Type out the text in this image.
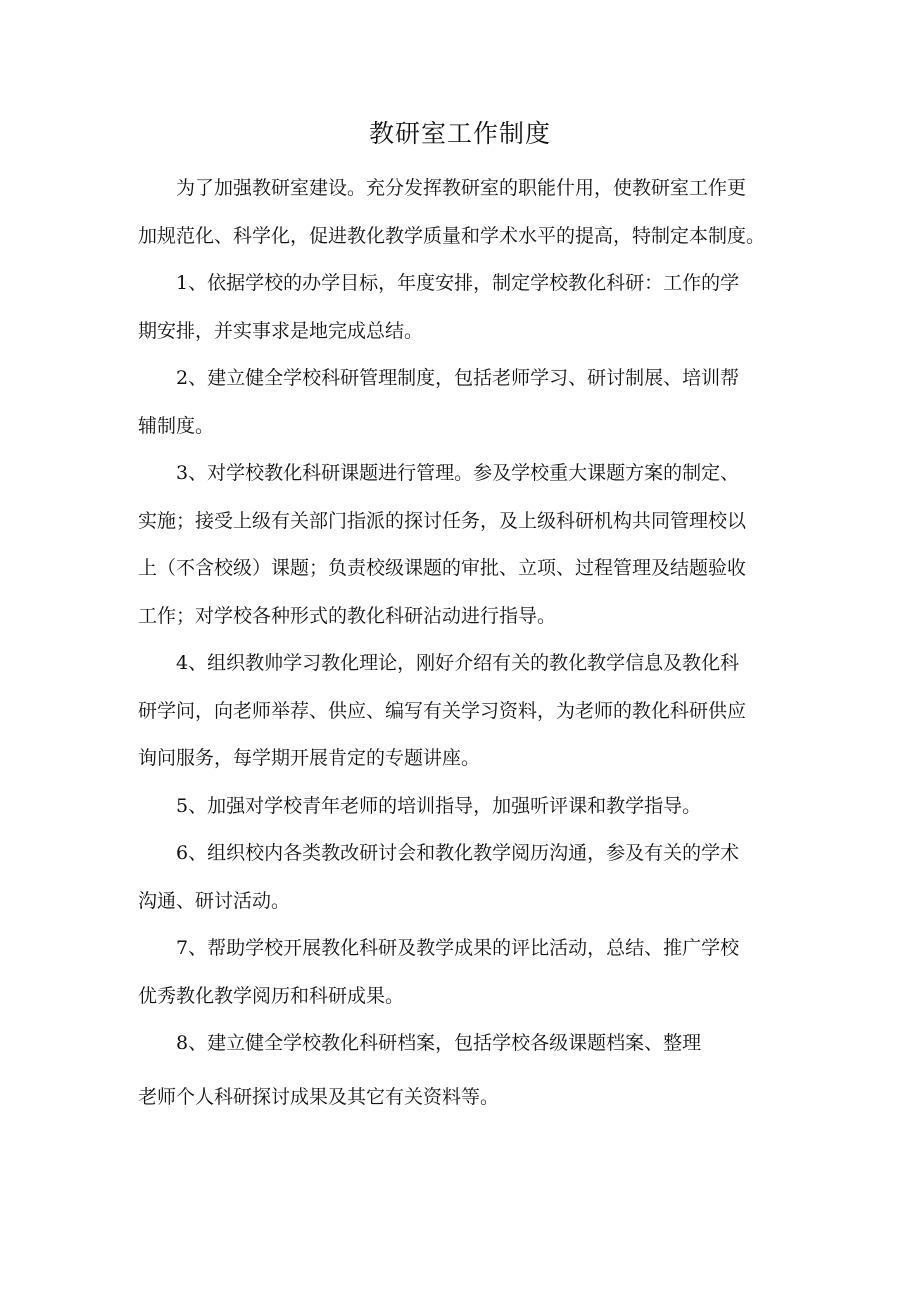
教研室工作制度

为了加强教研室建设。充分发挥教研室的职能什用，使教研室工作更
加规范化、科学化，促进教化教学质量和学术水平的提高，特制定本制度。

1、依据学校的办学目标，年度安排，制定学校教化科研：工作的学
期安排，并实事求是地完成总结。

2、建立健全学校科研管理制度，包括老师学习、研讨制展、培训帮
辅制度。

3、对学校教化科研课题进行管理。参及学校重大课题方案的制定、
实施；接受上级有关部门指派的探讨任务，及上级科研机构共同管理校以
上（不含校级）课题；负责校级课题的审批、立项、过程管理及结题验收
工作；对学校各种形式的教化科研沾动进行指导。

4、组织教帅学习教化理论，刚好介绍有关的教化教学信息及教化科
研学问，向老师举荐、供应、编写有关学习资料，为老师的教化科研供应
询问服务，每学期开展肯定的专题讲座。

5、加强对学校青年老师的培训指导，加强听评课和教学指导。

6、组织校内各类教改研讨会和教化教学阅历沟通，参及有关的学术
沟通、研讨活动。

7、帮助学校开展教化科研及教学成果的评比活动，总结、推广学校
优秀教化教学阅历和科研成果。

8、建立健全学校教化科研档案，包括学校各级课题档案、整理

老师个人科研探讨成果及其它有关资料等。
